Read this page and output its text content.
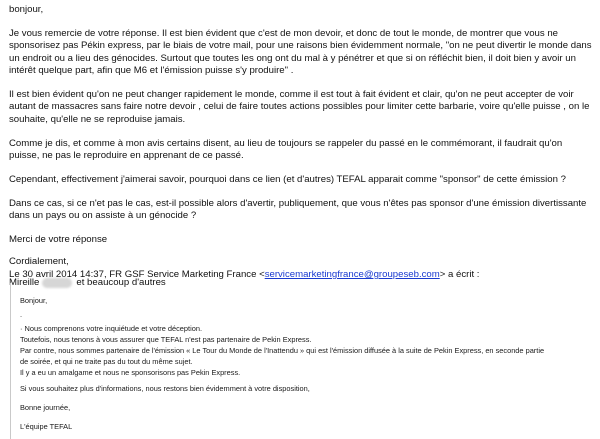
bonjour,

Je vous remercie de votre réponse. Il est bien évident que c'est de mon devoir, et donc de tout le monde, de montrer que vous ne sponsorisez pas Pékin express, par le biais de votre mail, pour une raisons bien évidemment normale, "on ne peut divertir le monde dans un endroit ou a lieu des génocides. Surtout que toutes les ong ont du mal à y pénétrer et que si on réfléchit bien, il doit bien y avoir un intérêt quelque part, afin que M6 et l'émission puisse s'y produire" .

Il est bien évident qu'on ne peut changer rapidement le monde, comme il est tout à fait évident et clair, qu'on ne peut accepter de voir autant de massacres sans faire notre devoir , celui de faire toutes actions possibles pour limiter cette barbarie, voire qu'elle puisse , on le souhaite, qu'elle ne se reproduise jamais.

Comme je dis, et comme à mon avis certains disent, au lieu de toujours se rappeler du passé en le commémorant, il faudrait qu'on puisse, ne pas le reproduire en apprenant de ce passé.

Cependant, effectivement j'aimerai savoir, pourquoi dans ce lien (et d'autres) TEFAL apparait comme "sponsor" de cette émission ?

Dans ce cas, si ce n'et pas le cas, est-il possible alors d'avertir, publiquement, que vous n'êtes pas sponsor d'une émission divertissante dans un pays ou on assiste à un génocide ?

Merci de votre réponse

Cordialement,

Mireille	et beaucoup d'autres
Le 30 avril 2014 14:37, FR GSF Service Marketing France <servicemarketingfrance@groupeseb.com> a écrit :
Bonjour,
.
· Nous comprenons votre inquiétude et votre déception.
Toutefois, nous tenons à vous assurer que TEFAL n'est pas partenaire de Pekin Express.
Par contre, nous sommes partenaire de l'émission « Le Tour du Monde de l'Inattendu » qui est l'émission diffusée à la suite de Pekin Express, en seconde partie
de soirée, et qui ne traite pas du tout du même sujet.
Il y a eu un amalgame et nous ne sponsorisons pas Pekin Express.
Si vous souhaitez plus d'informations, nous restons bien évidemment à votre disposition,
Bonne journée,
L'équipe TEFAL
